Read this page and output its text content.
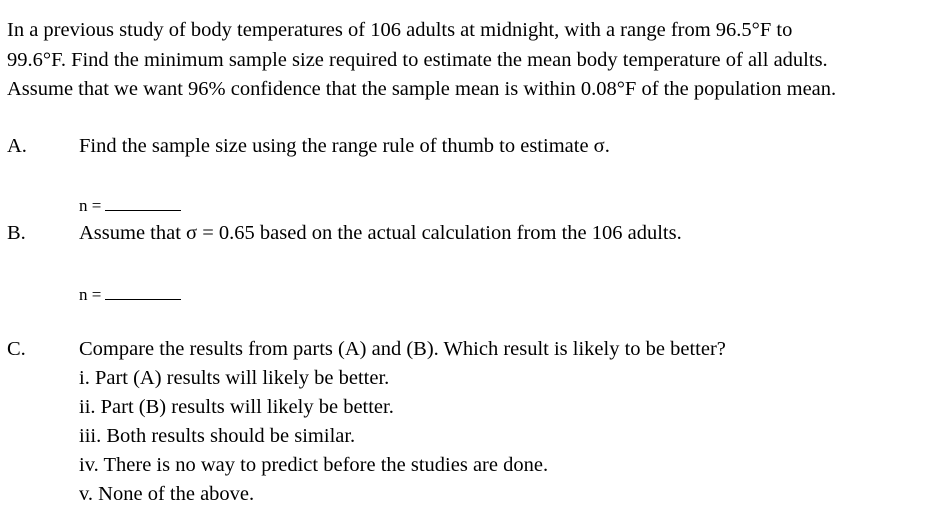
In a previous study of body temperatures of 106 adults at midnight, with a range from 96.5°F to
99.6°F. Find the minimum sample size required to estimate the mean body temperature of all adults.
Assume that we want 96% confidence that the sample mean is within 0.08°F of the population mean.
A.	Find the sample size using the range rule of thumb to estimate σ.
n =
B.	Assume that σ = 0.65 based on the actual calculation from the 106 adults.
n =
C.	Compare the results from parts (A) and (B). Which result is likely to be better?
i. Part (A) results will likely be better.
ii. Part (B) results will likely be better.
iii. Both results should be similar.
iv. There is no way to predict before the studies are done.
v. None of the above.
